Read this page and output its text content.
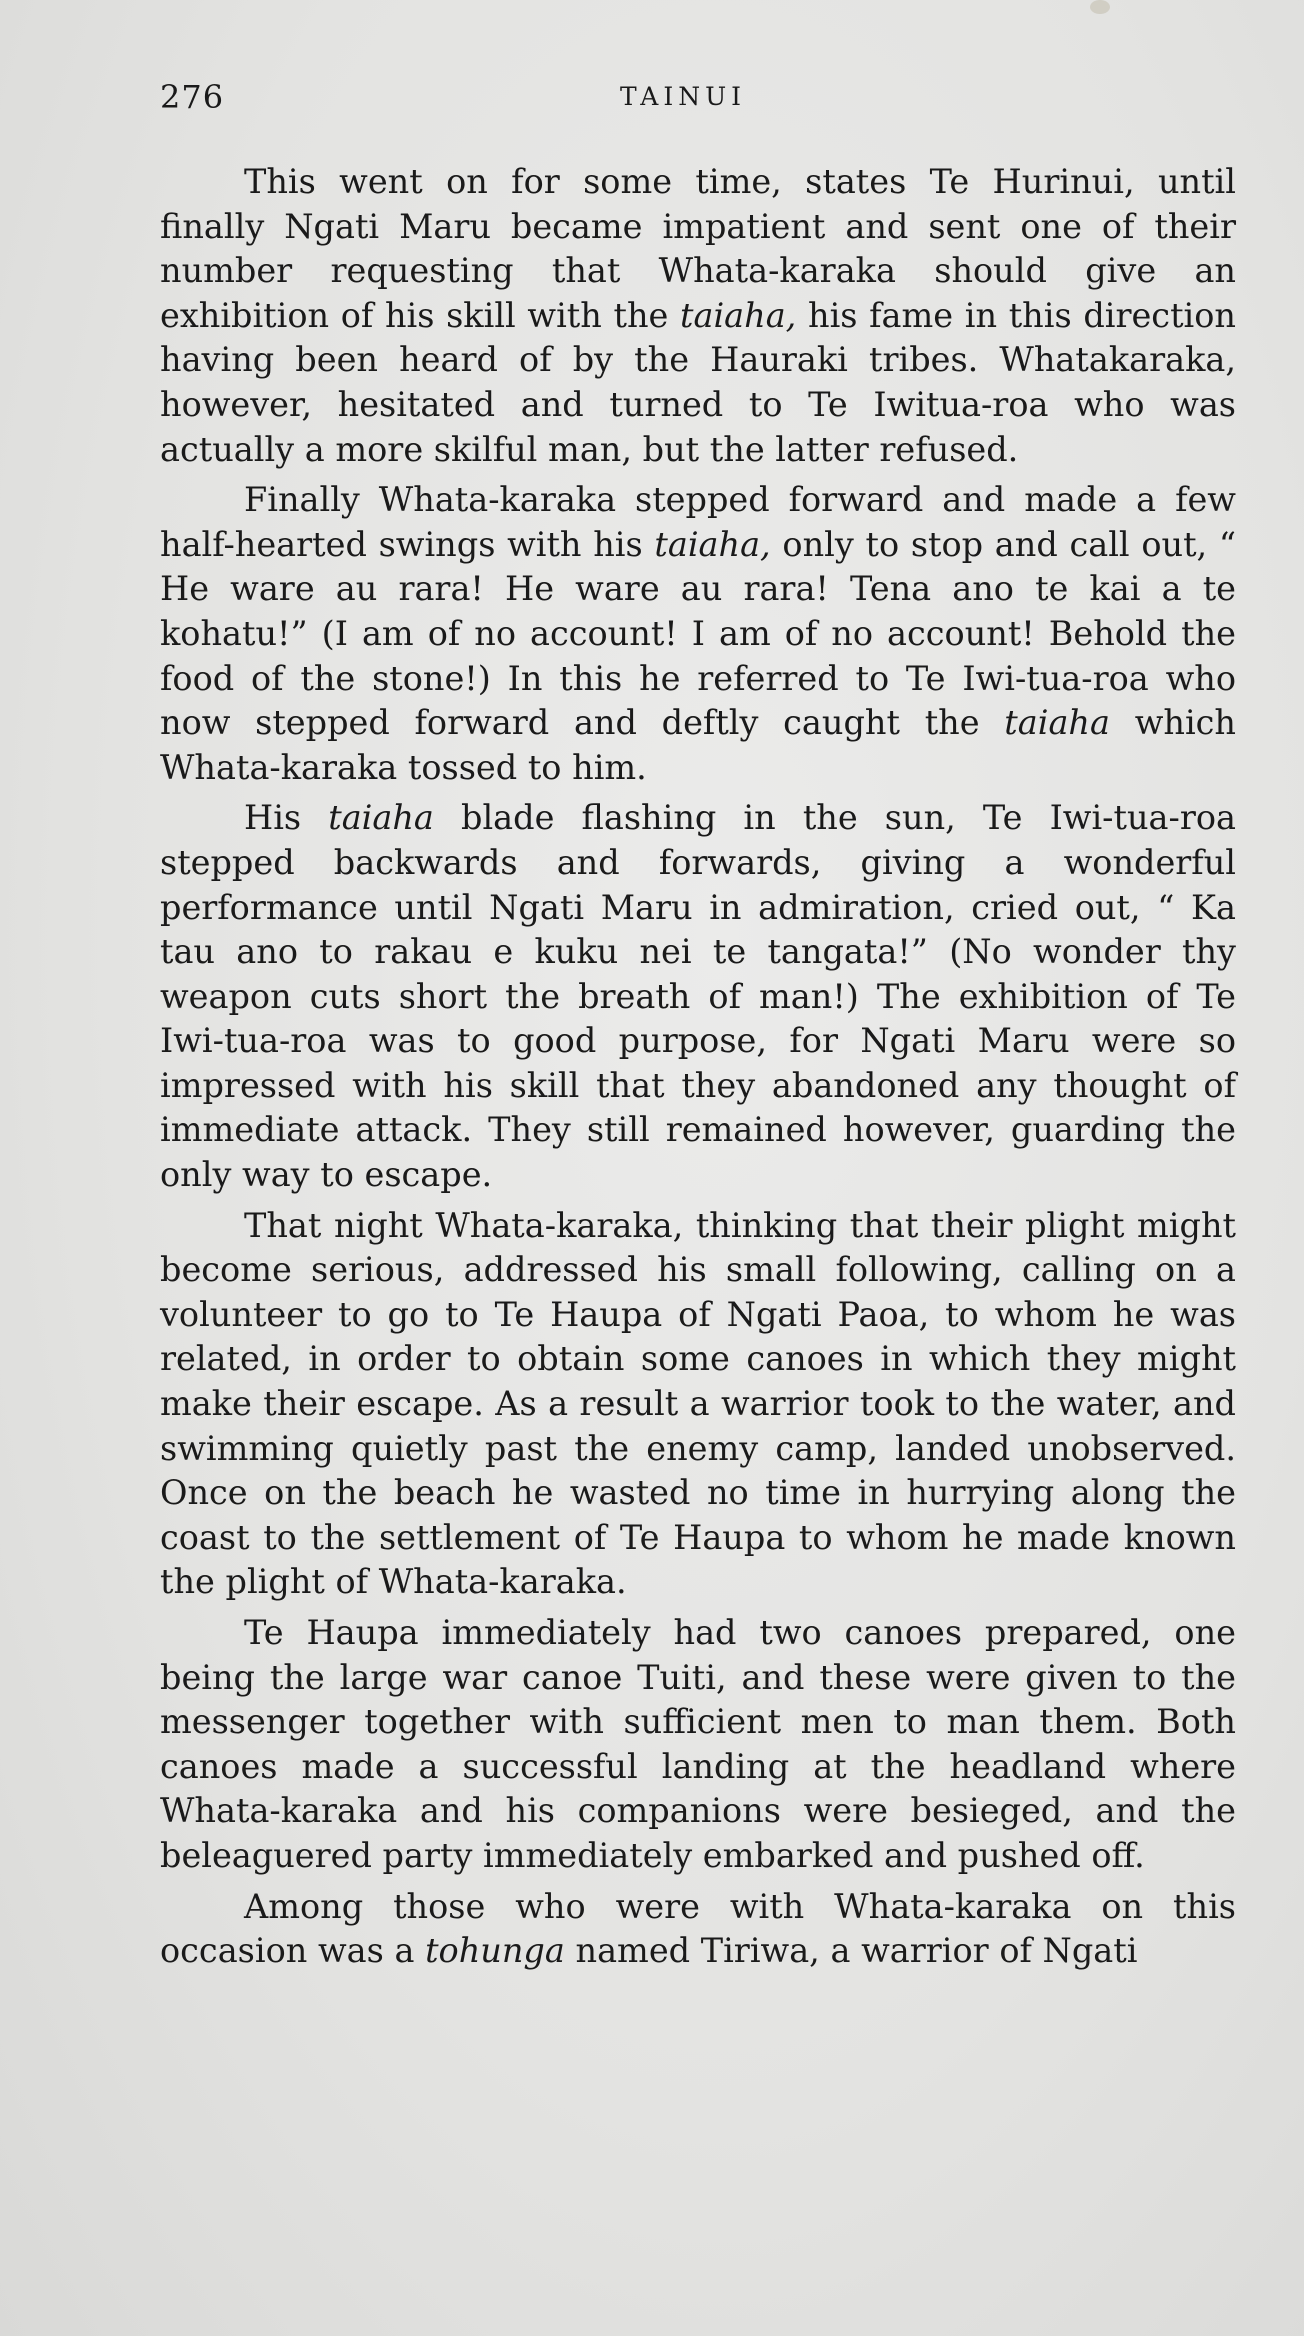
276	TAINUI

This went on for some time, states Te Hurinui, until finally Ngati Maru became impatient and sent one of their number requesting that Whata-karaka should give an exhibition of his skill with the taiaha, his fame in this direction having been heard of by the Hauraki tribes. Whatakaraka, however, hesitated and turned to Te Iwitua-roa who was actually a more skilful man, but the latter refused.

Finally Whata-karaka stepped forward and made a few half-hearted swings with his taiaha, only to stop and call out, “ He ware au rara! He ware au rara! Tena ano te kai a te kohatu!” (I am of no account! I am of no account! Behold the food of the stone!) In this he referred to Te Iwi-tua-roa who now stepped forward and deftly caught the taiaha which Whata-karaka tossed to him.

His taiaha blade flashing in the sun, Te Iwi-tua-roa stepped backwards and forwards, giving a wonderful performance until Ngati Maru in admiration, cried out, “ Ka tau ano to rakau e kuku nei te tangata!” (No wonder thy weapon cuts short the breath of man!) The exhibition of Te Iwi-tua-roa was to good purpose, for Ngati Maru were so impressed with his skill that they abandoned any thought of immediate attack. They still remained however, guarding the only way to escape.

That night Whata-karaka, thinking that their plight might become serious, addressed his small following, calling on a volunteer to go to Te Haupa of Ngati Paoa, to whom he was related, in order to obtain some canoes in which they might make their escape. As a result a warrior took to the water, and swimming quietly past the enemy camp, landed unobserved. Once on the beach he wasted no time in hurrying along the coast to the settlement of Te Haupa to whom he made known the plight of Whata-karaka.

Te Haupa immediately had two canoes prepared, one being the large war canoe Tuiti, and these were given to the messenger together with sufficient men to man them. Both canoes made a successful landing at the headland where Whata-karaka and his companions were besieged, and the beleaguered party immediately embarked and pushed off.

Among those who were with Whata-karaka on this occasion was a tohunga named Tiriwa, a warrior of Ngati
